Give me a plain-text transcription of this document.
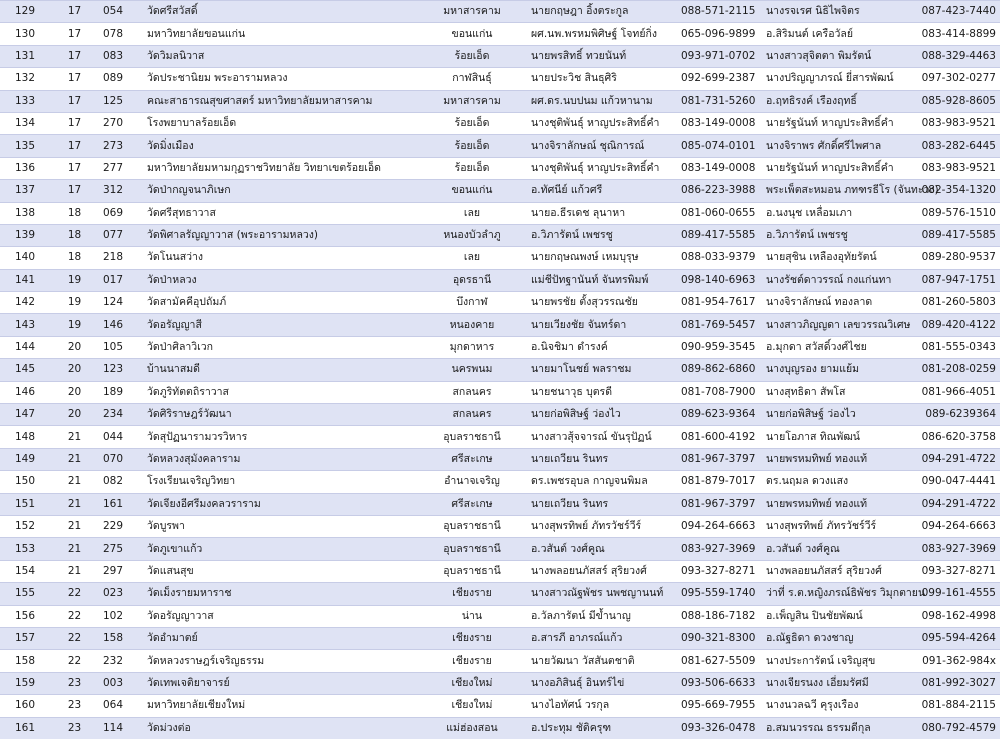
129	17	054	วัดศรีสวัสดิ์	มหาสารคาม	นายกฤษฎา อิ้งตระกูล	088-571-2115	นางรจเรศ นิธิไพจิตร	087-423-7440
130	17	078	มหาวิทยาลัยขอนแก่น	ขอนแก่น	ผศ.นพ.พรหมพิศิษฐ์ โจทย์กิ่ง	065-096-9899	อ.สิริมนต์ เครือวัลย์	083-414-8899
131	17	083	วัดวิมลนิวาส	ร้อยเอ็ด	นายพรสิทธิ์ ทวยนันท์	093-971-0702	นางสาวสุจิตตา พิมรัตน์	088-329-4463
132	17	089	วัดประชานิยม พระอารามหลวง	กาฬสินธุ์	นายประวิช สินธุศิริ	092-699-2387	นางปริญญาภรณ์ ยี่สารพัฒน์	097-302-0277
133	17	125	คณะสาธารณสุขศาสตร์ มหาวิทยาลัยมหาสารคาม	มหาสารคาม	ผศ.ดร.นบปนม แก้วหานาม	081-731-5260	อ.ฤทธิรงค์ เรืองฤทธิ์	085-928-8605
134	17	270	โรงพยาบาลร้อยเอ็ด	ร้อยเอ็ด	นางชุติพันธ์ุ หาญประสิทธิ์คำ	083-149-0008	นายรัฐนันท์ หาญประสิทธิ์คำ	083-983-9521
135	17	273	วัดมิ่งเมือง	ร้อยเอ็ด	นางจิราลักษณ์ ชุณิการณ์	085-074-0101	นางจิราพร ศักดิ์ศรีไพศาล	083-282-6445
136	17	277	มหาวิทยาลัยมหามกุฏราชวิทยาลัย วิทยาเขตร้อยเอ็ด	ร้อยเอ็ด	นางชุติพันธ์ุ หาญประสิทธิ์คำ	083-149-0008	นายรัฐนันท์ หาญประสิทธิ์คำ	083-983-9521
137	17	312	วัดป่ากญจนาภิเษก	ขอนแก่น	อ.ทัศนีย์ แก้วศรี	086-223-3988	พระเพ็ตสะหมอน ภทฑรธีโร (จันทะวง)	082-354-1320
138	18	069	วัดศรีสุทธาวาส	เลย	นายอ.ธีรเดช ลุนาหา	081-060-0655	อ.นงนุช เหลื่อมเภา	089-576-1510
139	18	077	วัดพิศาลรัญญาวาส (พระอารามหลวง)	หนองบัวลำภู	อ.วิภารัตน์ เพชรชู	089-417-5585	อ.วิภารัตน์ เพชรชู	089-417-5585
140	18	218	วัดโนนสว่าง	เลย	นายกฤษณพงษ์ เหมบุรุษ	088-033-9379	นายสุชิน เหลืองอุทัยรัตน์	089-280-9537
141	19	017	วัดป่าหลวง	อุดรธานี	แม่ชีปัทฐานันท์ จันทรพิมพ์	098-140-6963	นางรัชต์ดาวรรณ์ กงแก่นทา	087-947-1751
142	19	124	วัดสามัคคีอุปถัมภ์	บึงกาฬ	นายพรชัย ตั้งสุวรรณชัย	081-954-7617	นางจิราลักษณ์ ทองลาด	081-260-5803
143	19	146	วัดอรัญญาสี	หนองคาย	นายเวียงชัย จันทร์ดา	081-769-5457	นางสาวภิญญดา เลขวรรณวิเศษ	089-420-4122
144	20	105	วัดป่าศิลาวิเวก	มุกดาหาร	อ.นิจชิมา ดำรงค์	090-959-3545	อ.มุกดา สวัสดิ์วงศ์ไชย	081-555-0343
145	20	123	บ้านนาสมดี	นครพนม	นายมาโนชย์ พลราชม	089-862-6860	นางบุญรอง ยามแย้ม	081-208-0259
146	20	189	วัดภูริทัตตถิราวาส	สกลนคร	นายชนาวุธ บุตรดี	081-708-7900	นางสุทธิดา สัพโส	081-966-4051
147	20	234	วัดศิริราษฎร์วัฒนา	สกลนคร	นายก่อพิสิษฐ์ ว่องไว	089-623-9364	นายก่อพิสิษฐ์ ว่องไว	089-6239364
148	21	044	วัดสุปัฏนารามวรวิหาร	อุบลราชธานี	นางสาวสุ้จจารณ์ ขันรุปัฏน์	081-600-4192	นายโอภาส ทิณพัฒน์	086-620-3758
149	21	070	วัดหลวงสุมังคลาราม	ศรีสะเกษ	นายเถวียน รินทร	081-967-3797	นายพรหมทิพย์ ทองแท้	094-291-4722
150	21	082	โรงเรียนเจริญวิทยา	อำนาจเจริญ	ดร.เพชรอุบล กาญจนพิมล	081-879-7017	ดร.นฤมล ดวงแสง	090-047-4441
151	21	161	วัดเจียงอีศรีมงคลวราราม	ศรีสะเกษ	นายเถวียน รินทร	081-967-3797	นายพรหมทิพย์ ทองแท้	094-291-4722
152	21	229	วัดบูรพา	อุบลราชธานี	นางสุพรทิพย์ ภัทรวัชร์วีร์	094-264-6663	นางสุพรทิพย์ ภัทรวัชร์วีร์	094-264-6663
153	21	275	วัดภูเขาแก้ว	อุบลราชธานี	อ.วสันต์ วงศ์คูณ	083-927-3969	อ.วสันต์ วงศ์คูณ	083-927-3969
154	21	297	วัดแสนสุข	อุบลราชธานี	นางพลอยนภัสสร์ สุริยวงศ์	093-327-8271	นางพลอยนภัสสร์ สุริยวงศ์	093-327-8271
155	22	023	วัดเม็งรายมหาราช	เชียงราย	นางสาวณัฐพัชร นพชญานนท์	095-559-1740	ว่าที่ ร.ต.หญิงภรณ์ธิพัชร วิมุกตายน	099-161-4555
156	22	102	วัดอรัญญาวาส	น่าน	อ.วัลภารัตน์ มีข้ำนาญ	088-186-7182	อ.เพ็ญสิน ปินชัยพัฒน์	098-162-4998
157	22	158	วัดอำมาตย์	เชียงราย	อ.สารภี อาภรณ์แก้ว	090-321-8300	อ.ณัฐธิดา ดวงชาญ	095-594-4264
158	22	232	วัดหลวงราษฎร์เจริญธรรม	เชียงราย	นายวัฒนา วัสสันตชาติ	081-627-5509	นางประการัตน์ เจริญสุข	091-362-984x
159	23	003	วัดเทพเจติยาจารย์	เชียงใหม่	นางอภิสินธุ์ อินทร์ไข่	093-506-6633	นางเจียรนงง เอี่ยมรัศมี	081-992-3027
160	23	064	มหาวิทยาลัยเชียงใหม่	เชียงใหม่	นางไอทัศน์ วรกุล	095-669-7955	นางนวลฉวี คุรุงเรือง	081-884-2115
161	23	114	วัดม่วงต่อ	แม่ฮ่องสอน	อ.ประทุม ชัติครุฑ	093-326-0478	อ.สมนวรรณ ธรรมดีกุล	080-792-4579
